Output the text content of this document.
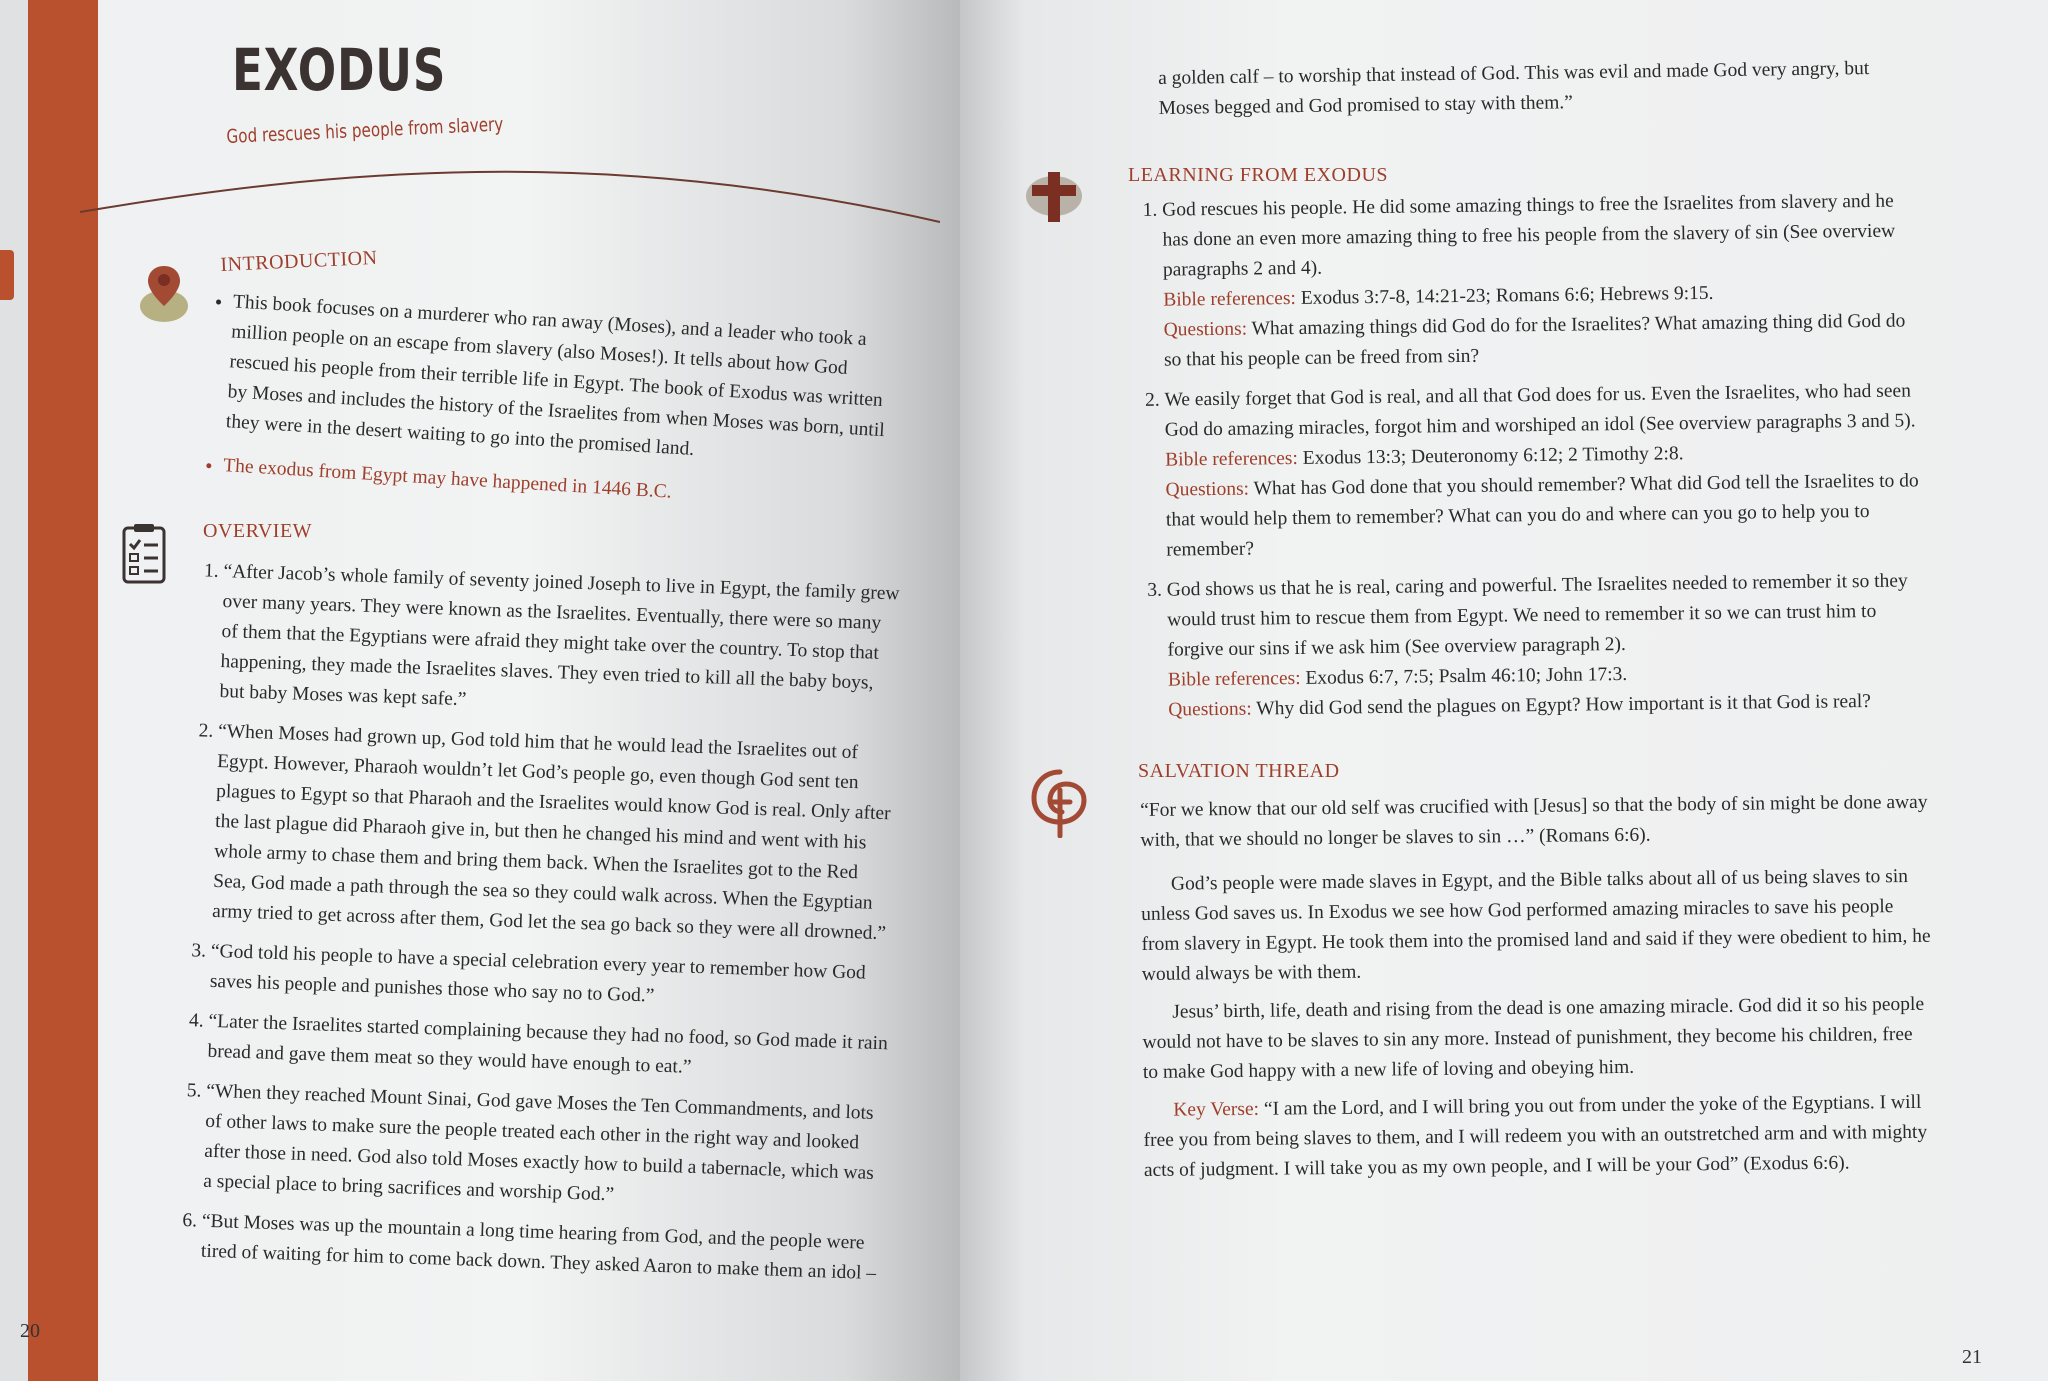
EXODUS
God rescues his people from slavery
INTRODUCTION
• This book focuses on a murderer who ran away (Moses), and a leader who took a million people on an escape from slavery (also Moses!). It tells about how God rescued his people from their terrible life in Egypt. The book of Exodus was written by Moses and includes the history of the Israelites from when Moses was born, until they were in the desert waiting to go into the promised land.
• The exodus from Egypt may have happened in 1446 B.C.
OVERVIEW
1. “After Jacob’s whole family of seventy joined Joseph to live in Egypt, the family grew over many years. They were known as the Israelites. Eventually, there were so many of them that the Egyptians were afraid they might take over the country. To stop that happening, they made the Israelites slaves. They even tried to kill all the baby boys, but baby Moses was kept safe.”
2. “When Moses had grown up, God told him that he would lead the Israelites out of Egypt. However, Pharaoh wouldn’t let God’s people go, even though God sent ten plagues to Egypt so that Pharaoh and the Israelites would know God is real. Only after the last plague did Pharaoh give in, but then he changed his mind and went with his whole army to chase them and bring them back. When the Israelites got to the Red Sea, God made a path through the sea so they could walk across. When the Egyptian army tried to get across after them, God let the sea go back so they were all drowned.”
3. “God told his people to have a special celebration every year to remember how God saves his people and punishes those who say no to God.”
4. “Later the Israelites started complaining because they had no food, so God made it rain bread and gave them meat so they would have enough to eat.”
5. “When they reached Mount Sinai, God gave Moses the Ten Commandments, and lots of other laws to make sure the people treated each other in the right way and looked after those in need. God also told Moses exactly how to build a tabernacle, which was a special place to bring sacrifices and worship God.”
6. “But Moses was up the mountain a long time hearing from God, and the people were tired of waiting for him to come back down. They asked Aaron to make them an idol –
20

a golden calf – to worship that instead of God. This was evil and made God very angry, but Moses begged and God promised to stay with them.”

LEARNING FROM EXODUS
1. God rescues his people. He did some amazing things to free the Israelites from slavery and he has done an even more amazing thing to free his people from the slavery of sin (See overview paragraphs 2 and 4).
Bible references: Exodus 3:7-8, 14:21-23; Romans 6:6; Hebrews 9:15.
Questions: What amazing things did God do for the Israelites? What amazing thing did God do so that his people can be freed from sin?
2. We easily forget that God is real, and all that God does for us. Even the Israelites, who had seen God do amazing miracles, forgot him and worshiped an idol (See overview paragraphs 3 and 5).
Bible references: Exodus 13:3; Deuteronomy 6:12; 2 Timothy 2:8.
Questions: What has God done that you should remember? What did God tell the Israelites to do that would help them to remember? What can you do and where can you go to help you to remember?
3. God shows us that he is real, caring and powerful. The Israelites needed to remember it so they would trust him to rescue them from Egypt. We need to remember it so we can trust him to forgive our sins if we ask him (See overview paragraph 2).
Bible references: Exodus 6:7, 7:5; Psalm 46:10; John 17:3.
Questions: Why did God send the plagues on Egypt? How important is it that God is real?
SALVATION THREAD

“For we know that our old self was crucified with [Jesus] so that the body of sin might be done away with, that we should no longer be slaves to sin …” (Romans 6:6).

God’s people were made slaves in Egypt, and the Bible talks about all of us being slaves to sin unless God saves us. In Exodus we see how God performed amazing miracles to save his people from slavery in Egypt. He took them into the promised land and said if they were obedient to him, he would always be with them.

Jesus’ birth, life, death and rising from the dead is one amazing miracle. God did it so his people would not have to be slaves to sin any more. Instead of punishment, they become his children, free to make God happy with a new life of loving and obeying him.

Key Verse: “I am the Lord, and I will bring you out from under the yoke of the Egyptians. I will free you from being slaves to them, and I will redeem you with an outstretched arm and with mighty acts of judgment. I will take you as my own people, and I will be your God” (Exodus 6:6).

21
